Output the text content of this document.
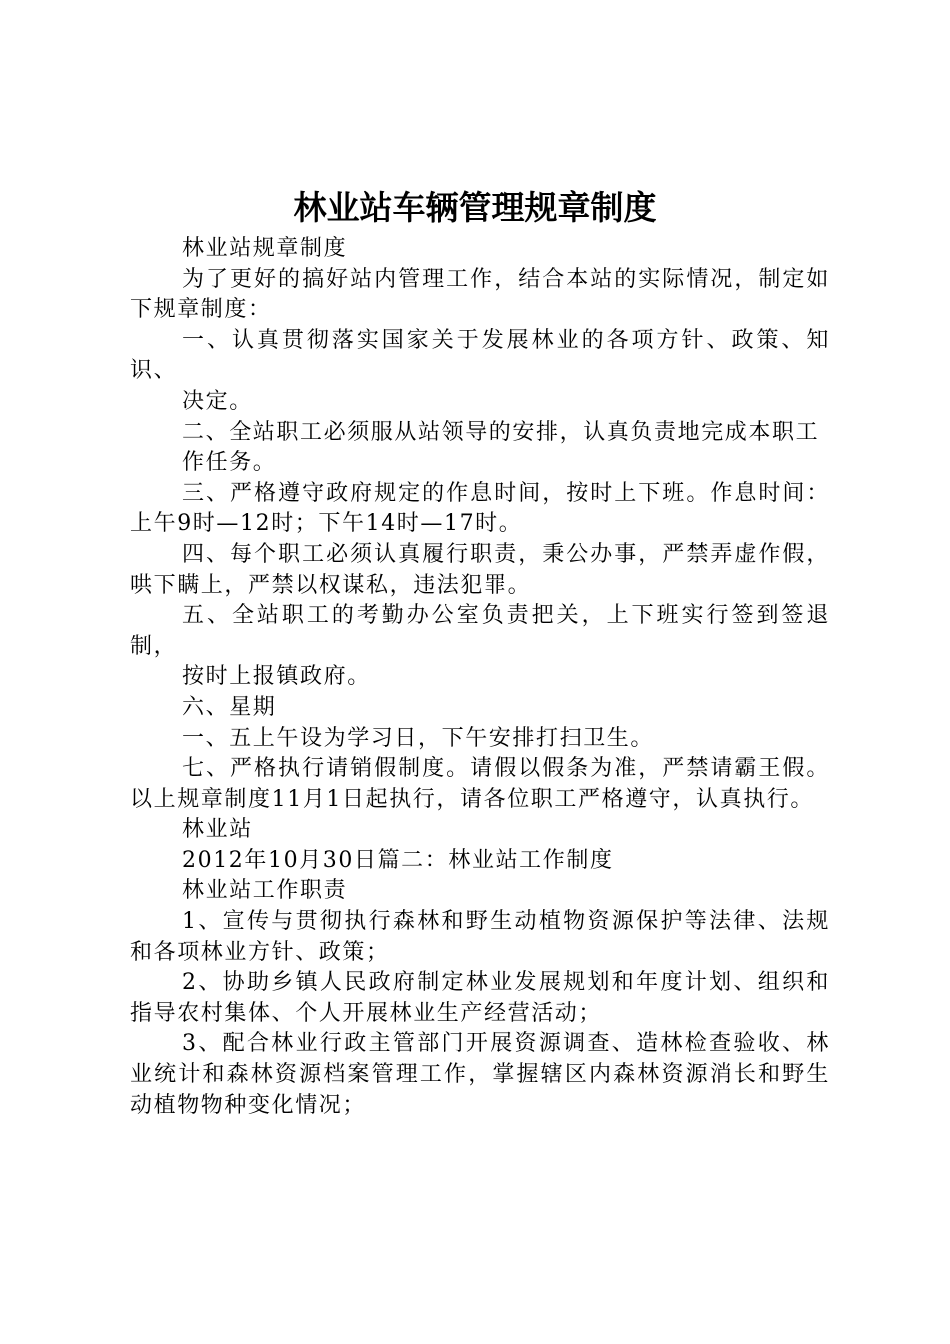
林业站车辆管理规章制度

林业站规章制度

为了更好的搞好站内管理工作，结合本站的实际情况，制定如下规章制度：

一、认真贯彻落实国家关于发展林业的各项方针、政策、知识、

决定。

二、全站职工必须服从站领导的安排，认真负责地完成本职工

作任务。

三、严格遵守政府规定的作息时间，按时上下班。作息时间：上午9时—12时；下午14时—17时。

四、每个职工必须认真履行职责，秉公办事，严禁弄虚作假，哄下瞒上，严禁以权谋私，违法犯罪。

五、全站职工的考勤办公室负责把关，上下班实行签到签退制，

按时上报镇政府。

六、星期

一、五上午设为学习日，下午安排打扫卫生。

七、严格执行请销假制度。请假以假条为准，严禁请霸王假。以上规章制度11月1日起执行，请各位职工严格遵守，认真执行。

林业站

2012年10月30日篇二：林业站工作制度

林业站工作职责

1、宣传与贯彻执行森林和野生动植物资源保护等法律、法规和各项林业方针、政策；

2、协助乡镇人民政府制定林业发展规划和年度计划、组织和指导农村集体、个人开展林业生产经营活动；

3、配合林业行政主管部门开展资源调查、造林检查验收、林业统计和森林资源档案管理工作，掌握辖区内森林资源消长和野生动植物物种变化情况；
